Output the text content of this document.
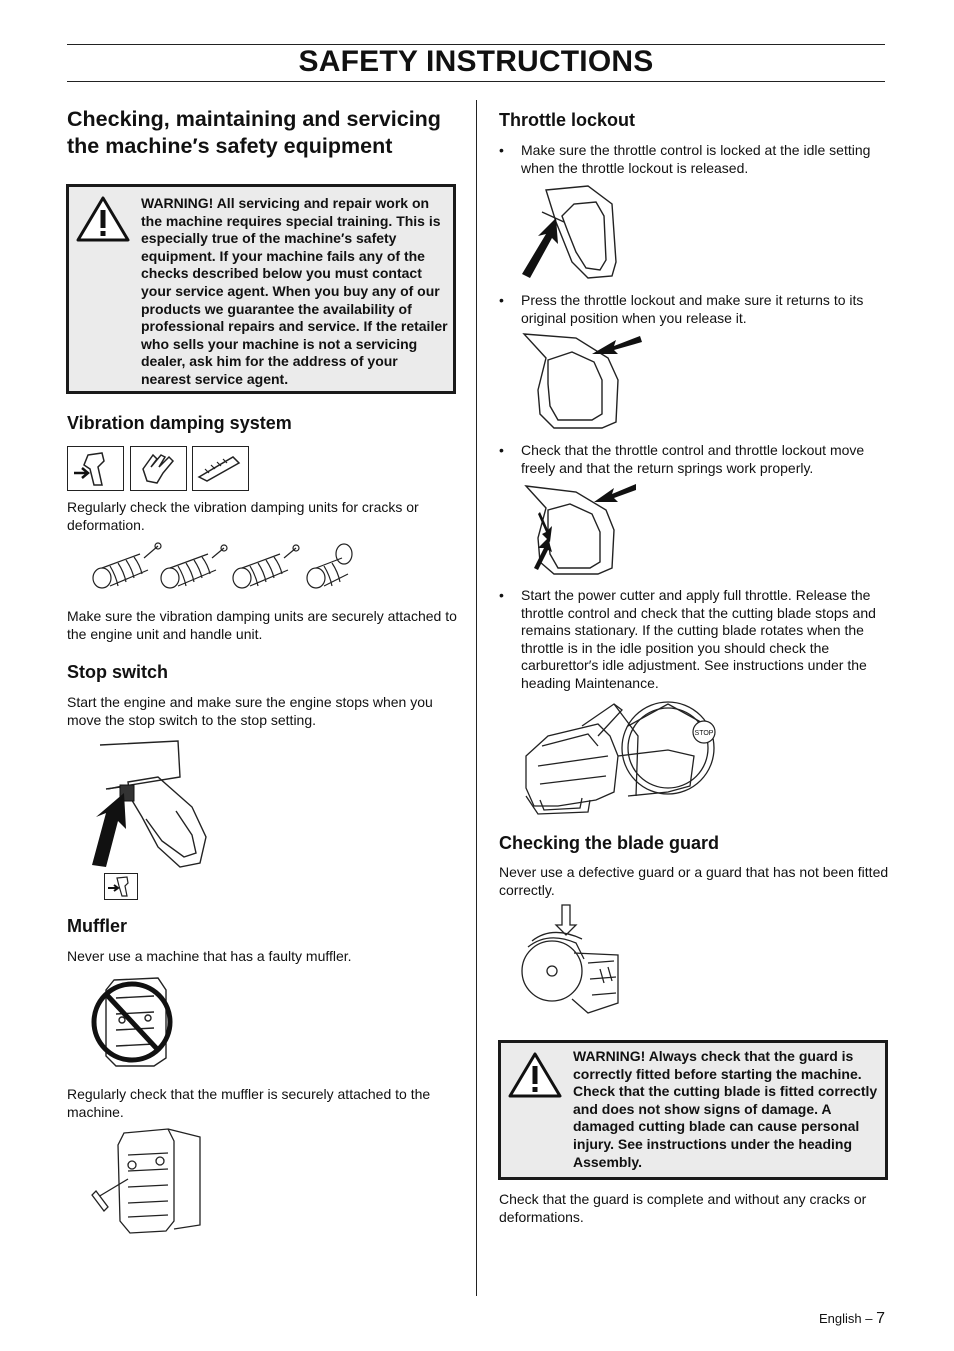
SAFETY INSTRUCTIONS
Checking, maintaining and servicing the machine′s safety equipment

WARNING! All servicing and repair work on the machine requires special training. This is especially true of the machine′s safety equipment. If your machine fails any of the checks described below you must contact your service agent. When you buy any of our products we guarantee the availability of professional repairs and service. If the retailer who sells your machine is not a servicing dealer, ask him for the address of your nearest service agent.

Vibration damping system

Regularly check the vibration damping units for cracks or deformation.

Make sure the vibration damping units are securely attached to the engine unit and handle unit.

Stop switch

Start the engine and make sure the engine stops when you move the stop switch to the stop setting.

Muffler

Never use a machine that has a faulty muffler.

Regularly check that the muffler is securely attached to the machine.

Throttle lockout
• Make sure the throttle control is locked at the idle setting when the throttle lockout is released.

• Press the throttle lockout and make sure it returns to its original position when you release it.

• Check that the throttle control and throttle lockout move freely and that the return springs work properly.

• Start the power cutter and apply full throttle. Release the throttle control and check that the cutting blade stops and remains stationary. If the cutting blade rotates when the throttle is in the idle position you should check the carburettor′s idle adjustment. See instructions under the heading Maintenance.

STOP
Checking the blade guard

Never use a defective guard or a guard that has not been fitted correctly.

WARNING! Always check that the guard is correctly fitted before starting the machine. Check that the cutting blade is fitted correctly and does not show signs of damage. A damaged cutting blade can cause personal injury. See instructions under the heading Assembly.

Check that the guard is complete and without any cracks or deformations.

English – 7
